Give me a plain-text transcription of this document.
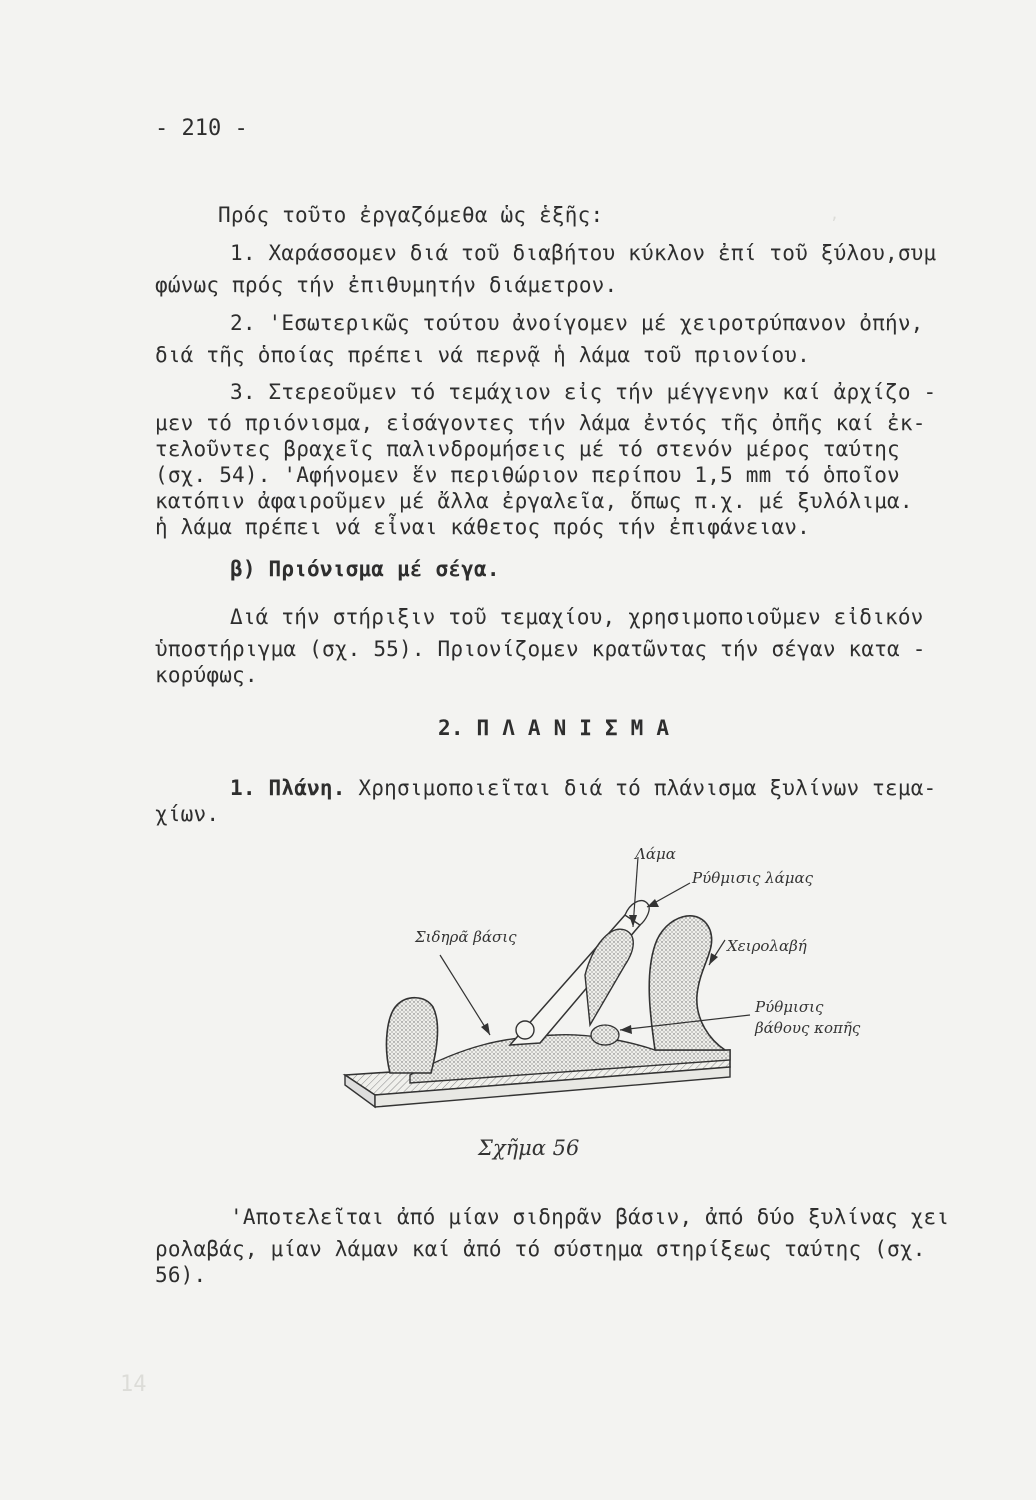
,
14
- 210 -
Πρός τοῦτο ἐργαζόμεθα ὡς ἑξῆς:
1. Χαράσσομεν διά τοῦ διαβήτου κύκλον ἐπί τοῦ ξύλου,συμ
φώνως πρός τήν ἐπιθυμητήν διάμετρον.
2. 'Εσωτερικῶς τούτου ἀνοίγομεν μέ χειροτρύπανον ὀπήν,
διά τῆς ὁποίας πρέπει νά περνᾷ ἡ λάμα τοῦ πριονίου.
3. Στερεοῦμεν τό τεμάχιον εἰς τήν μέγγενην καί ἀρχίζο -
μεν τό πριόνισμα, εἰσάγοντες τήν λάμα ἐντός τῆς ὀπῆς καί ἐκ-
τελοῦντες βραχεῖς παλινδρομήσεις μέ τό στενόν μέρος ταύτης
(σχ. 54). 'Αφήνομεν ἕν περιθώριον περίπου 1,5 mm τό ὁποῖον
κατόπιν ἀφαιροῦμεν μέ ἄλλα ἐργαλεῖα, ὅπως π.χ. μέ ξυλόλιμα.
ἡ λάμα πρέπει νά εἶναι κάθετος πρός τήν ἐπιφάνειαν.
β) Πριόνισμα μέ σέγα.
Διά τήν στήριξιν τοῦ τεμαχίου, χρησιμοποιοῦμεν εἰδικόν
ὑποστήριγμα (σχ. 55). Πριονίζομεν κρατῶντας τήν σέγαν κατα -
κορύφως.
2. Π Λ Α Ν Ι Σ Μ Α
1. Πλάνη. Χρησιμοποιεῖται διά τό πλάνισμα ξυλίνων τεμα-
χίων.
Λάμα
Ρύθμισις λάμας
Σιδηρᾶ βάσις	Χειρολαβή
Ρύθμισις
βάθους κοπῆς
Σχῆμα 56
'Αποτελεῖται ἀπό μίαν σιδηρᾶν βάσιν, ἀπό δύο ξυλίνας χει
ρολαβάς, μίαν λάμαν καί ἀπό τό σύστημα στηρίξεως ταύτης (σχ.
56).
